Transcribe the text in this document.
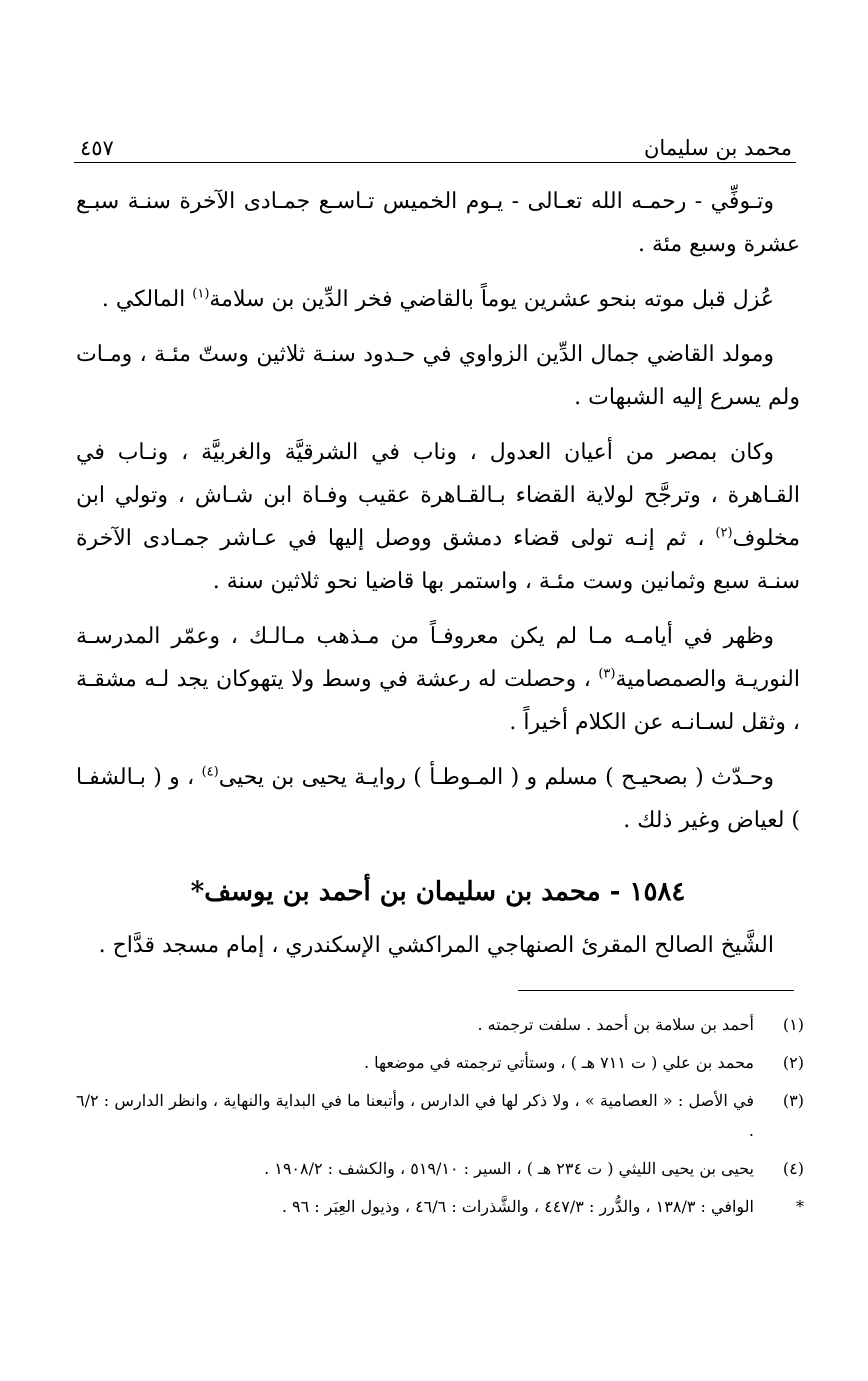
محمد بن سليمان
٤٥٧

وتـوفِّي - رحمـه الله تعـالى - يـوم الخميس تـاسـع جمـادى الآخرة سنـة سبـع عشرة وسبع مئة .

عُزل قبل موته بنحو عشرين يوماً بالقاضي فخر الدِّين بن سلامة$^{(١)}$ المالكي .

ومولد القاضي جمال الدِّين الزواوي في حـدود سنـة ثلاثين وستّ مئـة ، ومـات ولم يسرع إليه الشبهات .

وكان بمصر من أعيان العدول ، وناب في الشرقيَّة والغربيَّة ، ونـاب في القـاهرة ، وترجَّح لولاية القضاء بـالقـاهرة عقيب وفـاة ابن شـاش ، وتولي ابن مخلوف$^{(٢)}$ ، ثم إنـه تولى قضاء دمشق ووصل إليها في عـاشر جمـادى الآخرة سنـة سبع وثمانين وست مئـة ، واستمر بها قاضيا نحو ثلاثين سنة .

وظهر في أيامـه مـا لم يكن معروفـاً من مـذهب مـالـك ، وعمّر المدرسـة النوريـة والصمصامية$^{(٣)}$ ، وحصلت له رعشة في وسط ولا يتهوكان يجد لـه مشقـة ، وثقل لسـانـه عن الكلام أخيراً .

وحـدّث ( بصحيـح ) مسلم و ( المـوطـأ ) روايـة يحيى بن يحيى$^{(٤)}$ ، و ( بـالشفـا ) لعياض وغير ذلك .

١٥٨٤ - محمد بن سليمان بن أحمد بن يوسف*

الشَّيخ الصالح المقرئ الصنهاجي المراكشي الإسكندري ، إمام مسجد قدَّاح .

(١)
أحمد بن سلامة بن أحمد . سلفت ترجمته .
(٢)
محمد بن علي ( ت ٧١١ هـ ) ، وستأتي ترجمته في موضعها .
(٣)
في الأصل : « العصامية » ، ولا ذكر لها في الدارس ، وأتبعنا ما في البداية والنهاية ، وانظر الدارس : ٦/٢ .
(٤)
يحيى بن يحيى الليثي ( ت ٢٣٤ هـ ) ، السير : ٥١٩/١٠ ، والكشف : ١٩٠٨/٢ .
*
الوافي : ١٣٨/٣ ، والدُّرر : ٤٤٧/٣ ، والشَّذرات : ٤٦/٦ ، وذيول العِبَر : ٩٦ .
